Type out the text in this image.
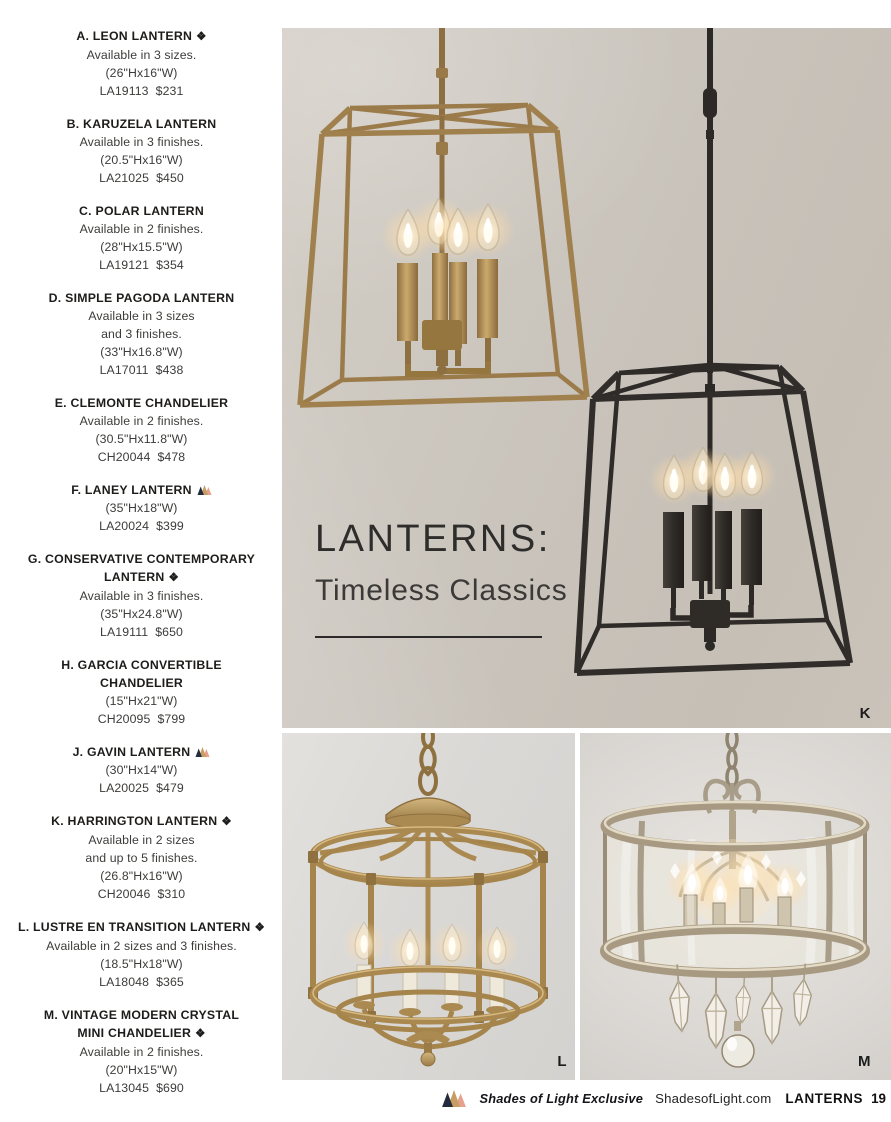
A. LEON LANTERN ❖
Available in 3 sizes.
(26"Hx16"W)
LA19113  $231
B. KARUZELA LANTERN
Available in 3 finishes.
(20.5"Hx16"W)
LA21025  $450
C. POLAR LANTERN
Available in 2 finishes.
(28"Hx15.5"W)
LA19121  $354
D. SIMPLE PAGODA LANTERN
Available in 3 sizes
and 3 finishes.
(33"Hx16.8"W)
LA17011  $438
E. CLEMONTE CHANDELIER
Available in 2 finishes.
(30.5"Hx11.8"W)
CH20044  $478
F. LANEY LANTERN
(35"Hx18"W)
LA20024  $399
G. CONSERVATIVE CONTEMPORARY
LANTERN ❖
Available in 3 finishes.
(35"Hx24.8"W)
LA19111  $650
H. GARCIA CONVERTIBLE
CHANDELIER
(15"Hx21"W)
CH20095  $799
J. GAVIN LANTERN
(30"Hx14"W)
LA20025  $479
K. HARRINGTON LANTERN ❖
Available in 2 sizes
and up to 5 finishes.
(26.8"Hx16"W)
CH20046  $310
L. LUSTRE EN TRANSITION LANTERN ❖
Available in 2 sizes and 3 finishes.
(18.5"Hx18"W)
LA18048  $365
M. VINTAGE MODERN CRYSTAL
MINI CHANDELIER ❖
Available in 2 finishes.
(20"Hx15"W)
LA13045  $690
LANTERNS:
Timeless Classics
K
L	M
Shades of Light Exclusive ShadesofLight.com LANTERNS 19
